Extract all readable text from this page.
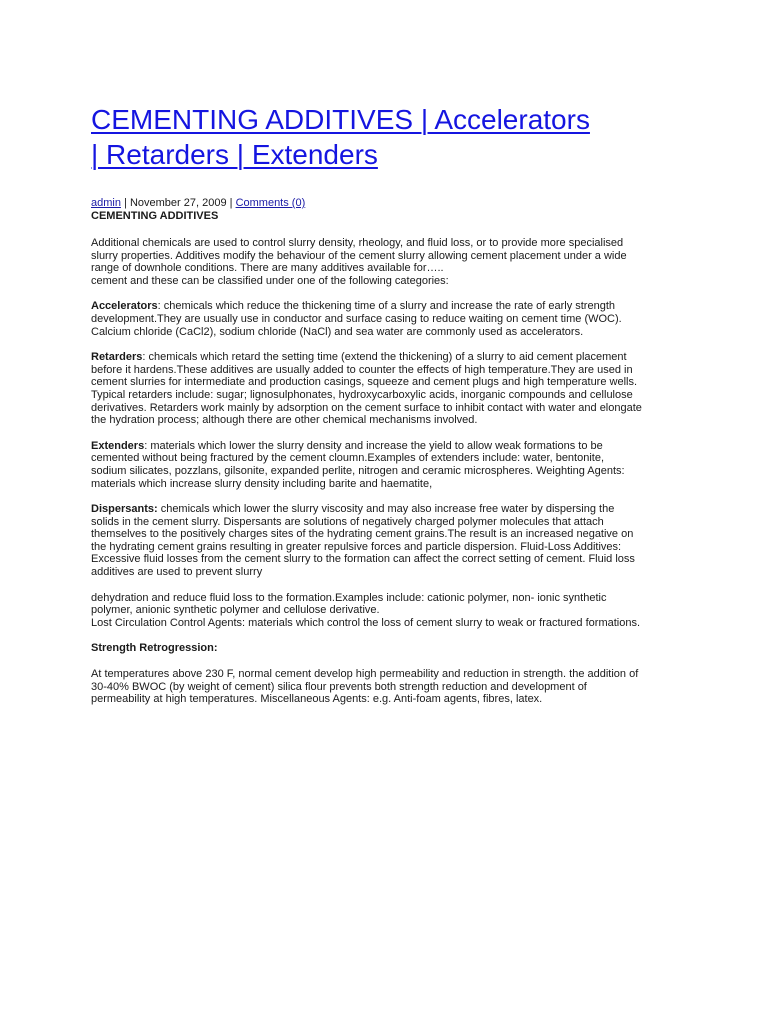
CEMENTING ADDITIVES | Accelerators
| Retarders | Extenders
admin | November 27, 2009 | Comments (0)
CEMENTING ADDITIVES

Additional chemicals are used to control slurry density, rheology, and fluid loss, or to provide more specialised
slurry properties. Additives modify the behaviour of the cement slurry allowing cement placement under a wide
range of downhole conditions. There are many additives available for…..
cement and these can be classified under one of the following categories:

Accelerators: chemicals which reduce the thickening time of a slurry and increase the rate of early strength
development.They are usually use in conductor and surface casing to reduce waiting on cement time (WOC).
Calcium chloride (CaCl2), sodium chloride (NaCl) and sea water are commonly used as accelerators.

Retarders: chemicals which retard the setting time (extend the thickening) of a slurry to aid cement placement
before it hardens.These additives are usually added to counter the effects of high temperature.They are used in
cement slurries for intermediate and production casings, squeeze and cement plugs and high temperature wells.
Typical retarders include: sugar; lignosulphonates, hydroxycarboxylic acids, inorganic compounds and cellulose
derivatives. Retarders work mainly by adsorption on the cement surface to inhibit contact with water and elongate
the hydration process; although there are other chemical mechanisms involved.

Extenders: materials which lower the slurry density and increase the yield to allow weak formations to be
cemented without being fractured by the cement cloumn.Examples of extenders include: water, bentonite,
sodium silicates, pozzlans, gilsonite, expanded perlite, nitrogen and ceramic microspheres. Weighting Agents:
materials which increase slurry density including barite and haematite,

Dispersants: chemicals which lower the slurry viscosity and may also increase free water by dispersing the
solids in the cement slurry. Dispersants are solutions of negatively charged polymer molecules that attach
themselves to the positively charges sites of the hydrating cement grains.The result is an increased negative on
the hydrating cement grains resulting in greater repulsive forces and particle dispersion. Fluid-Loss Additives:
Excessive fluid losses from the cement slurry to the formation can affect the correct setting of cement. Fluid loss
additives are used to prevent slurry

dehydration and reduce fluid loss to the formation.Examples include: cationic polymer, non- ionic synthetic
polymer, anionic synthetic polymer and cellulose derivative.
Lost Circulation Control Agents: materials which control the loss of cement slurry to weak or fractured formations.

Strength Retrogression:

At temperatures above 230 F, normal cement develop high permeability and reduction in strength. the addition of
30-40% BWOC (by weight of cement) silica flour prevents both strength reduction and development of
permeability at high temperatures. Miscellaneous Agents: e.g. Anti-foam agents, fibres, latex.
